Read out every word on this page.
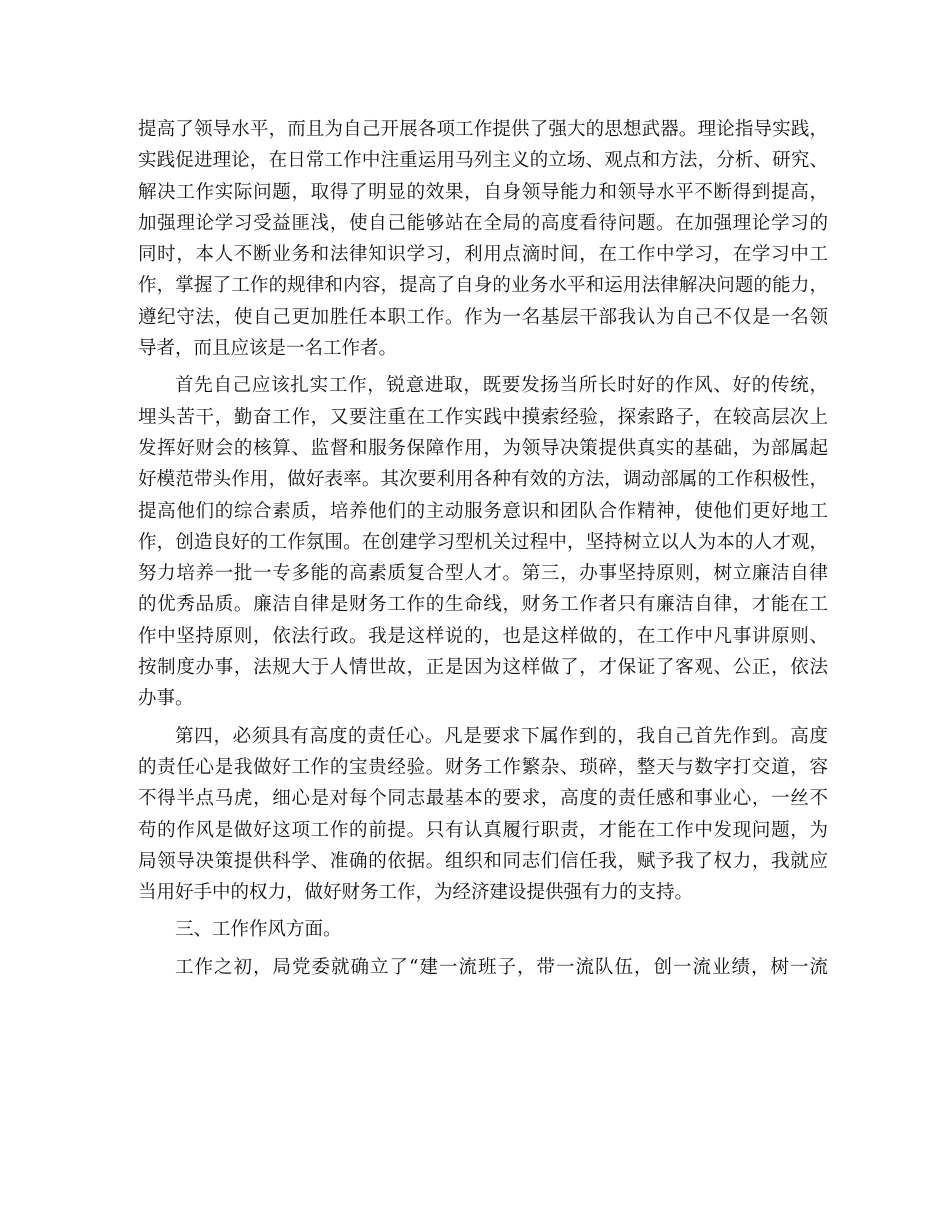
提高了领导水平，而且为自己开展各项工作提供了强大的思想武器。理论指导实践，
实践促进理论，在日常工作中注重运用马列主义的立场、观点和方法，分析、研究、
解决工作实际问题，取得了明显的效果，自身领导能力和领导水平不断得到提高，
加强理论学习受益匪浅，使自己能够站在全局的高度看待问题。在加强理论学习的
同时，本人不断业务和法律知识学习，利用点滴时间，在工作中学习，在学习中工
作，掌握了工作的规律和内容，提高了自身的业务水平和运用法律解决问题的能力，
遵纪守法，使自己更加胜任本职工作。作为一名基层干部我认为自己不仅是一名领
导者，而且应该是一名工作者。
首先自己应该扎实工作，锐意进取，既要发扬当所长时好的作风、好的传统，
埋头苦干，勤奋工作，又要注重在工作实践中摸索经验，探索路子，在较高层次上
发挥好财会的核算、监督和服务保障作用，为领导决策提供真实的基础，为部属起
好模范带头作用，做好表率。其次要利用各种有效的方法，调动部属的工作积极性，
提高他们的综合素质，培养他们的主动服务意识和团队合作精神，使他们更好地工
作，创造良好的工作氛围。在创建学习型机关过程中，坚持树立以人为本的人才观，
努力培养一批一专多能的高素质复合型人才。第三，办事坚持原则，树立廉洁自律
的优秀品质。廉洁自律是财务工作的生命线，财务工作者只有廉洁自律，才能在工
作中坚持原则，依法行政。我是这样说的，也是这样做的，在工作中凡事讲原则、
按制度办事，法规大于人情世故，正是因为这样做了，才保证了客观、公正，依法
办事。
第四，必须具有高度的责任心。凡是要求下属作到的，我自己首先作到。高度
的责任心是我做好工作的宝贵经验。财务工作繁杂、琐碎，整天与数字打交道，容
不得半点马虎，细心是对每个同志最基本的要求，高度的责任感和事业心，一丝不
苟的作风是做好这项工作的前提。只有认真履行职责，才能在工作中发现问题，为
局领导决策提供科学、准确的依据。组织和同志们信任我，赋予我了权力，我就应
当用好手中的权力，做好财务工作，为经济建设提供强有力的支持。
三、工作作风方面。
工作之初，局党委就确立了“建一流班子，带一流队伍，创一流业绩，树一流
